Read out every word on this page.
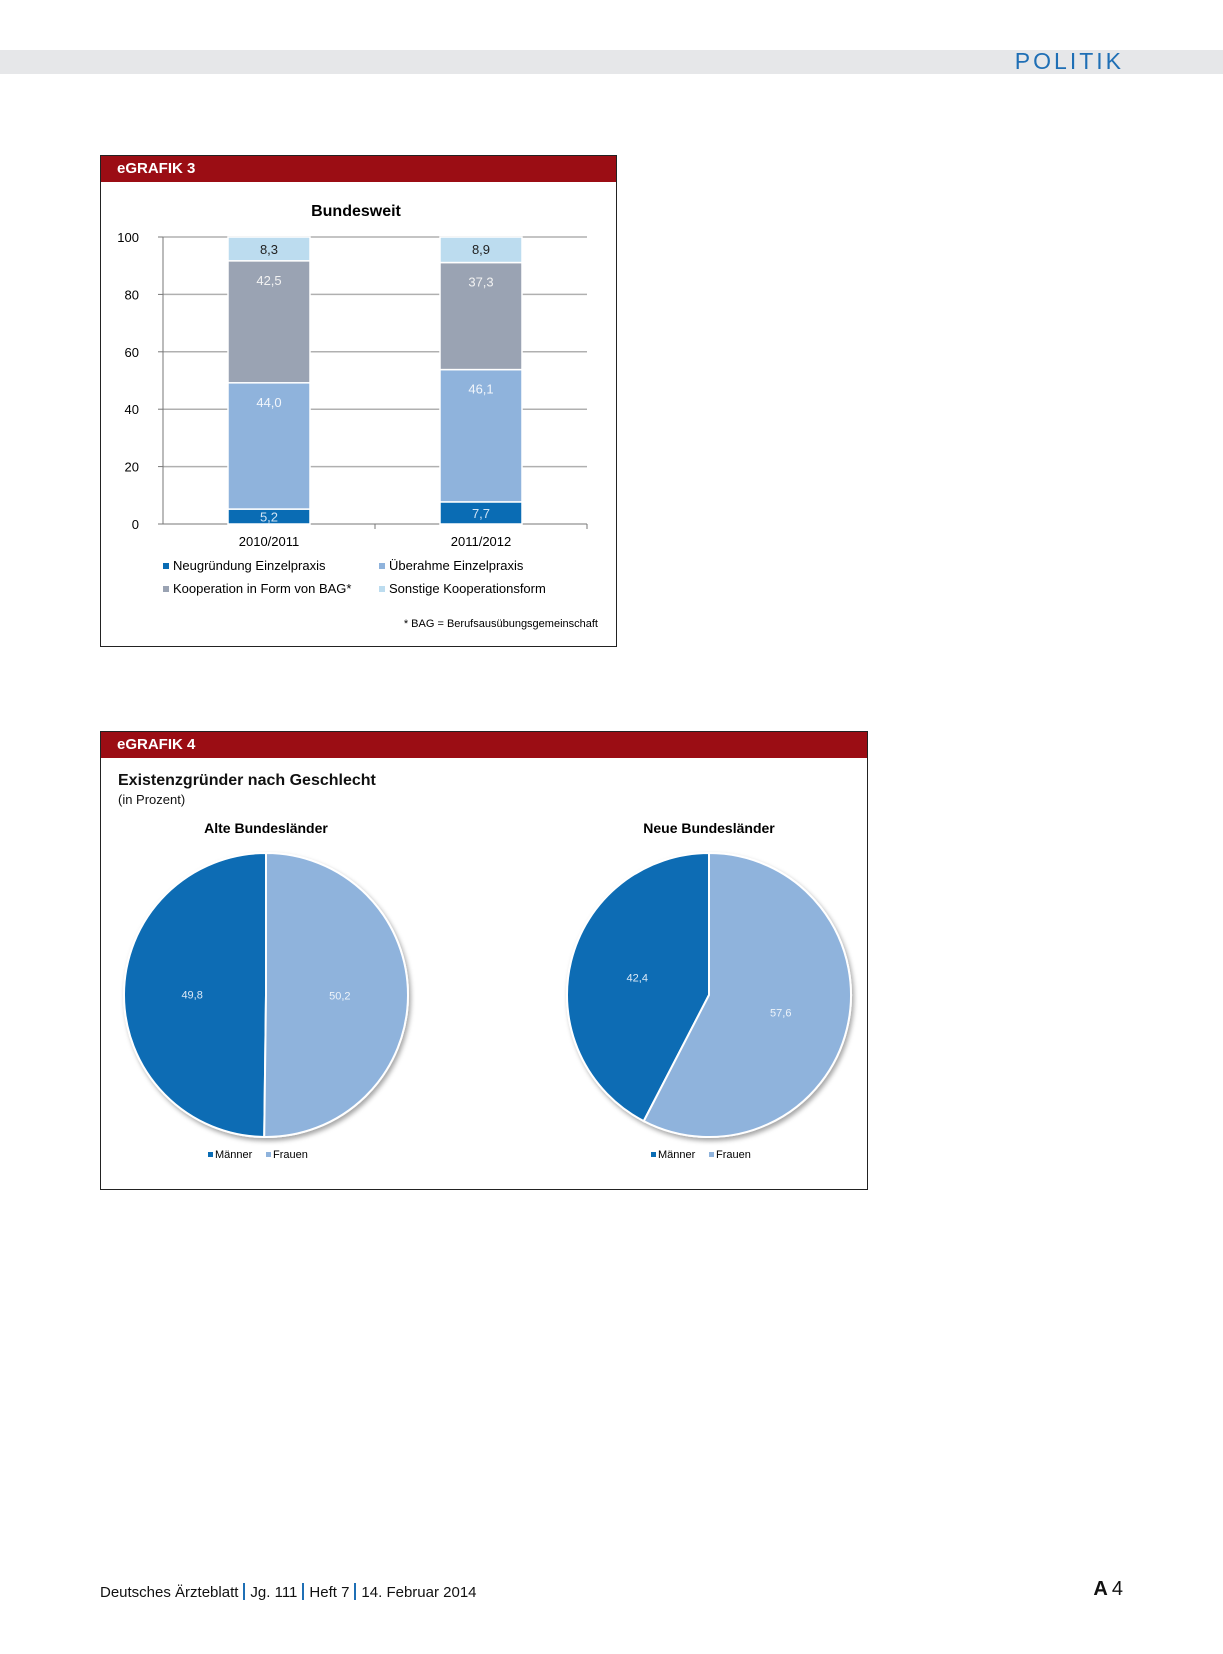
POLITIK
eGRAFIK 3
Bundesweit
0
20
40
60
80
100
5,2
44,0
42,5
8,3
2010/2011
7,7
46,1
37,3
8,9
2011/2012
Neugründung Einzelpraxis	Überahme Einzelpraxis
Kooperation in Form von BAG*	Sonstige Kooperationsform
* BAG = Berufsausübungsgemeinschaft
eGRAFIK 4
Existenzgründer nach Geschlecht
(in Prozent)
Alte Bundesländer
49,8	50,2
Männer Frauen
Neue Bundesländer
42,4
57,6
Männer Frauen
Deutsches Ärzteblatt Jg. 111 Heft 7 14. Februar 2014	A 4
